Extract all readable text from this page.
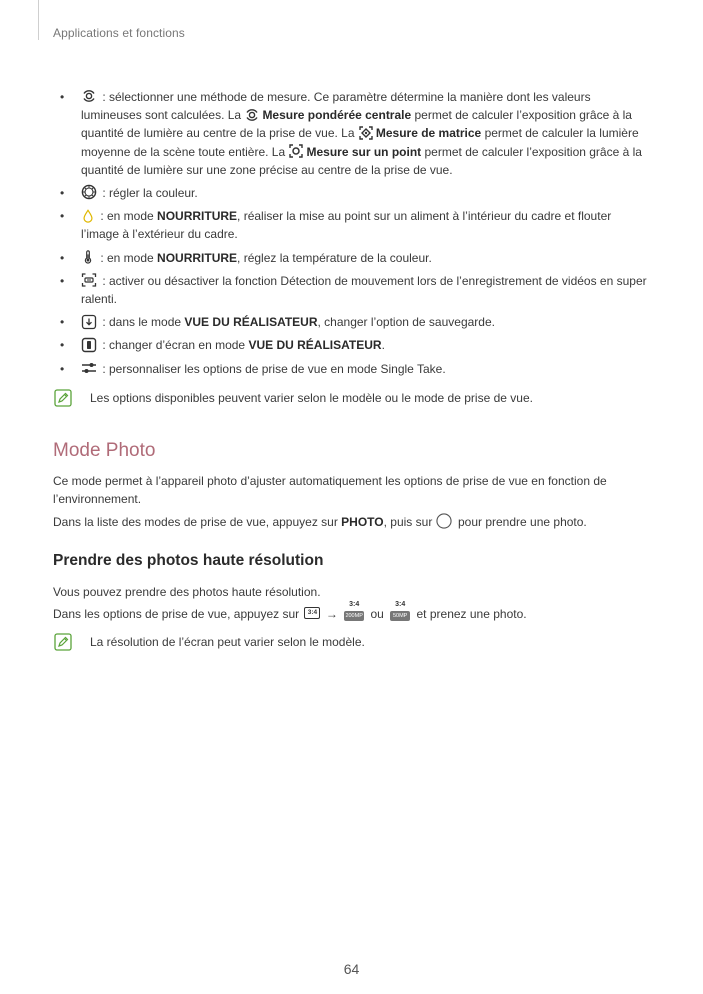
Applications et fonctions
•	: sélectionner une méthode de mesure. Ce paramètre détermine la manière dont les valeurs lumineuses sont calculées. La
Mesure pondérée centrale permet de calculer l’exposition grâce à la quantité de lumière au centre de la prise de vue. La
Mesure de matrice permet de calculer la lumière moyenne de la scène toute entière. La
Mesure sur un point permet de calculer l’exposition grâce à la quantité de lumière sur une zone précise au centre de la prise de vue.
•	: régler la couleur.
•	: en mode NOURRITURE, réaliser la mise au point sur un aliment à l’intérieur du cadre et flouter l’image à l’extérieur du cadre.
•	: en mode NOURRITURE, réglez la température de la couleur.
•	: activer ou désactiver la fonction Détection de mouvement lors de l’enregistrement de vidéos en super ralenti.
•	: dans le mode VUE DU RÉALISATEUR, changer l’option de sauvegarde.
•	: changer d’écran en mode VUE DU RÉALISATEUR.
•	: personnaliser les options de prise de vue en mode Single Take.
Les options disponibles peuvent varier selon le modèle ou le mode de prise de vue.
Mode Photo
Ce mode permet à l’appareil photo d’ajuster automatiquement les options de prise de vue en fonction de l’environnement.
Dans la liste des modes de prise de vue, appuyez sur PHOTO, puis sur
pour prendre une photo.
Prendre des photos haute résolution
Vous pouvez prendre des photos haute résolution.
Dans les options de prise de vue, appuyez sur 3:4 →
3:4
200MP ou
3:4
50MP et prenez une photo.
La résolution de l’écran peut varier selon le modèle.
64
